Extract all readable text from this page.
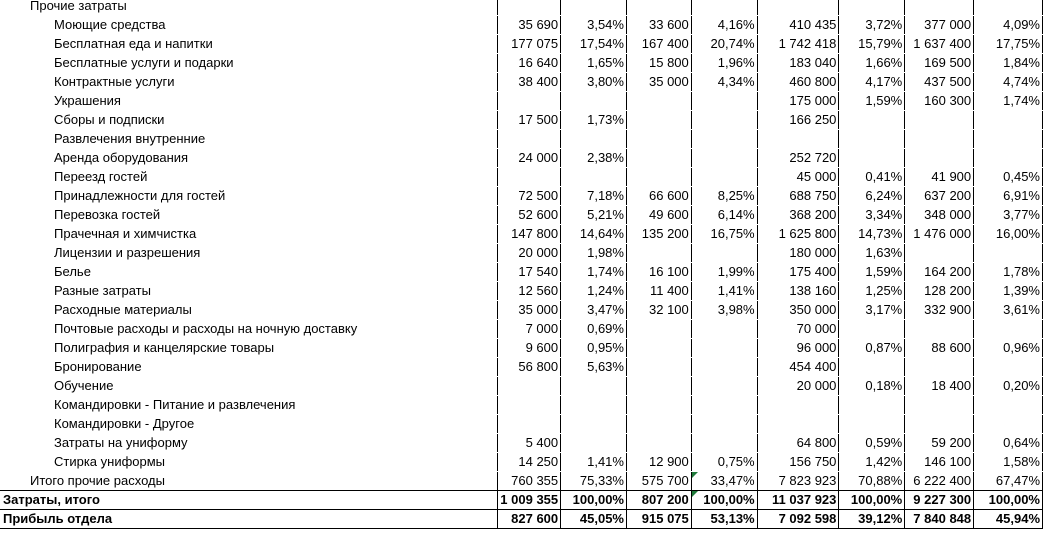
Прочие затраты								
Моющие средства	35 690	3,54%	33 600	4,16%	410 435	3,72%	377 000	4,09%
Бесплатная еда и напитки	177 075	17,54%	167 400	20,74%	1 742 418	15,79%	1 637 400	17,75%
Бесплатные услуги и подарки	16 640	1,65%	15 800	1,96%	183 040	1,66%	169 500	1,84%
Контрактные услуги	38 400	3,80%	35 000	4,34%	460 800	4,17%	437 500	4,74%
Украшения					175 000	1,59%	160 300	1,74%
Сборы и подписки	17 500	1,73%			166 250			
Развлечения внутренние								
Аренда оборудования	24 000	2,38%			252 720			
Переезд гостей					45 000	0,41%	41 900	0,45%
Принадлежности для гостей	72 500	7,18%	66 600	8,25%	688 750	6,24%	637 200	6,91%
Перевозка гостей	52 600	5,21%	49 600	6,14%	368 200	3,34%	348 000	3,77%
Прачечная и химчистка	147 800	14,64%	135 200	16,75%	1 625 800	14,73%	1 476 000	16,00%
Лицензии и разрешения	20 000	1,98%			180 000	1,63%		
Белье	17 540	1,74%	16 100	1,99%	175 400	1,59%	164 200	1,78%
Разные затраты	12 560	1,24%	11 400	1,41%	138 160	1,25%	128 200	1,39%
Расходные материалы	35 000	3,47%	32 100	3,98%	350 000	3,17%	332 900	3,61%
Почтовые расходы и расходы на ночную доставку	7 000	0,69%			70 000			
Полиграфия и канцелярские товары	9 600	0,95%			96 000	0,87%	88 600	0,96%
Бронирование	56 800	5,63%			454 400			
Обучение					20 000	0,18%	18 400	0,20%
Командировки - Питание и развлечения								
Командировки - Другое								
Затраты на униформу	5 400				64 800	0,59%	59 200	0,64%
Стирка униформы	14 250	1,41%	12 900	0,75%	156 750	1,42%	146 100	1,58%
Итого прочие расходы	760 355	75,33%	575 700	33,47%	7 823 923	70,88%	6 222 400	67,47%
Затраты, итого	1 009 355	100,00%	807 200	100,00%	11 037 923	100,00%	9 227 300	100,00%
Прибыль отдела	827 600	45,05%	915 075	53,13%	7 092 598	39,12%	7 840 848	45,94%
